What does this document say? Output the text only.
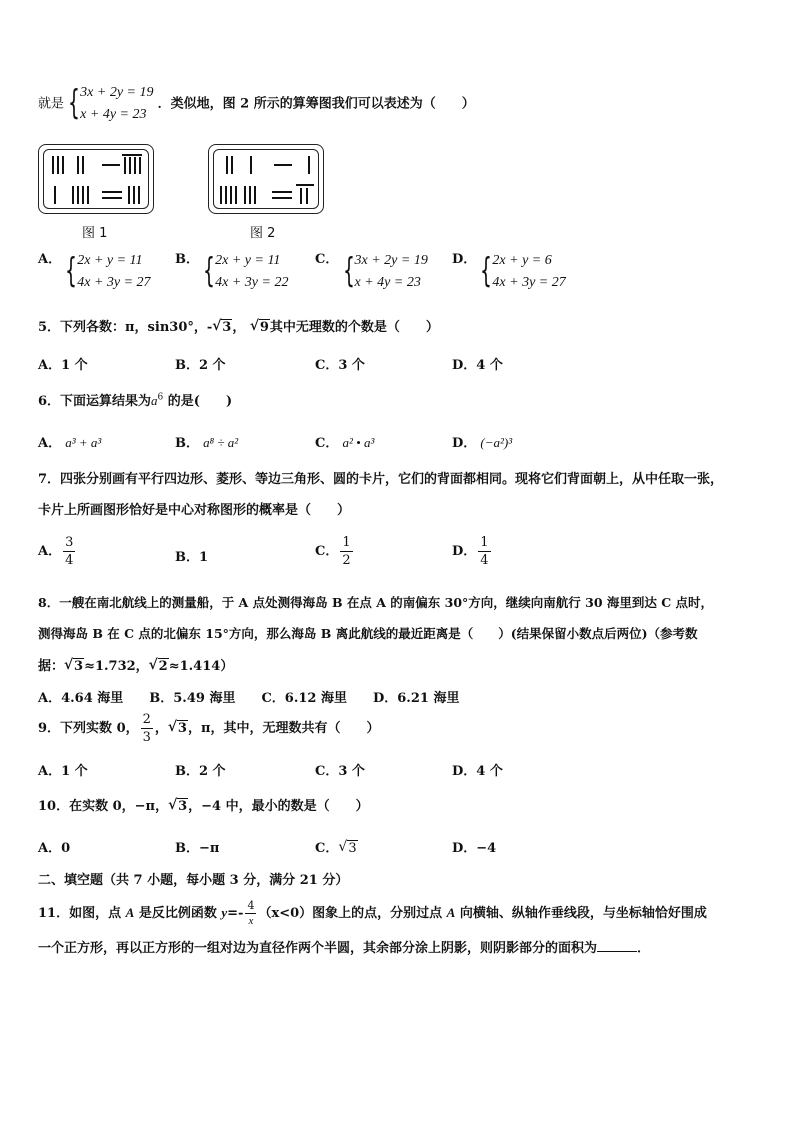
就是 { 3x + 2y = 19
x + 4y = 23
．类似地，图 2 所示的算筹图我们可以表述为（　　）
图 1	图 2
A． { 2x + y = 11
4x + 3y = 27
B． { 2x + y = 11
4x + 3y = 22
C． { 3x + 2y = 19
x + 4y = 23
D． { 2x + y = 6
4x + 3y = 27
5．下列各数：π，sin30°，- √ 3， √ 9其中无理数的个数是（　　）
A．1 个	B．2 个	C．3 个	D．4 个
6．下面运算结果为$a^6$ 的是(　　)
A． a³ + a³	B． a⁸ ÷ a²	C． a² • a³	D． (−a²)³
7．四张分别画有平行四边形、菱形、等边三角形、圆的卡片，它们的背面都相同。现将它们背面朝上，从中任取一张，
卡片上所画图形恰好是中心对称图形的概率是（　　）
A． $\frac{3}{4}$	B．1	C． $\frac{1}{2}$	D． $\frac{1}{4}$
8．一艘在南北航线上的测量船，于 A 点处测得海岛 B 在点 A 的南偏东 30°方向，继续向南航行 30 海里到达 C 点时，
测得海岛 B 在 C 点的北偏东 15°方向，那么海岛 B 离此航线的最近距离是（　　）(结果保留小数点后两位)（参考数
据： √ 3≈1.732， √ 2≈1.414）
A．4.64 海里　　B．5.49 海里　　C．6.12 海里　　D．6.21 海里
9．下列实数 0， $\frac{2}{3}$ ， √ 3，π，其中，无理数共有（　　）
A．1 个	B．2 个	C．3 个	D．4 个
10．在实数 0，−π， √ 3，−4 中，最小的数是（　　）
A．0	B．−π	C． √ 3	D．−4
二、填空题（共 7 小题，每小题 3 分，满分 21 分）
11．如图，点 A 是反比例函数 $y=- \frac{4}{x} (x<0)$图象上的点，分别过点 A 向横轴、纵轴作垂线段，与坐标轴恰好围成
一个正方形，再以正方形的一组对边为直径作两个半圆，其余部分涂上阴影，则阴影部分的面积为	．
